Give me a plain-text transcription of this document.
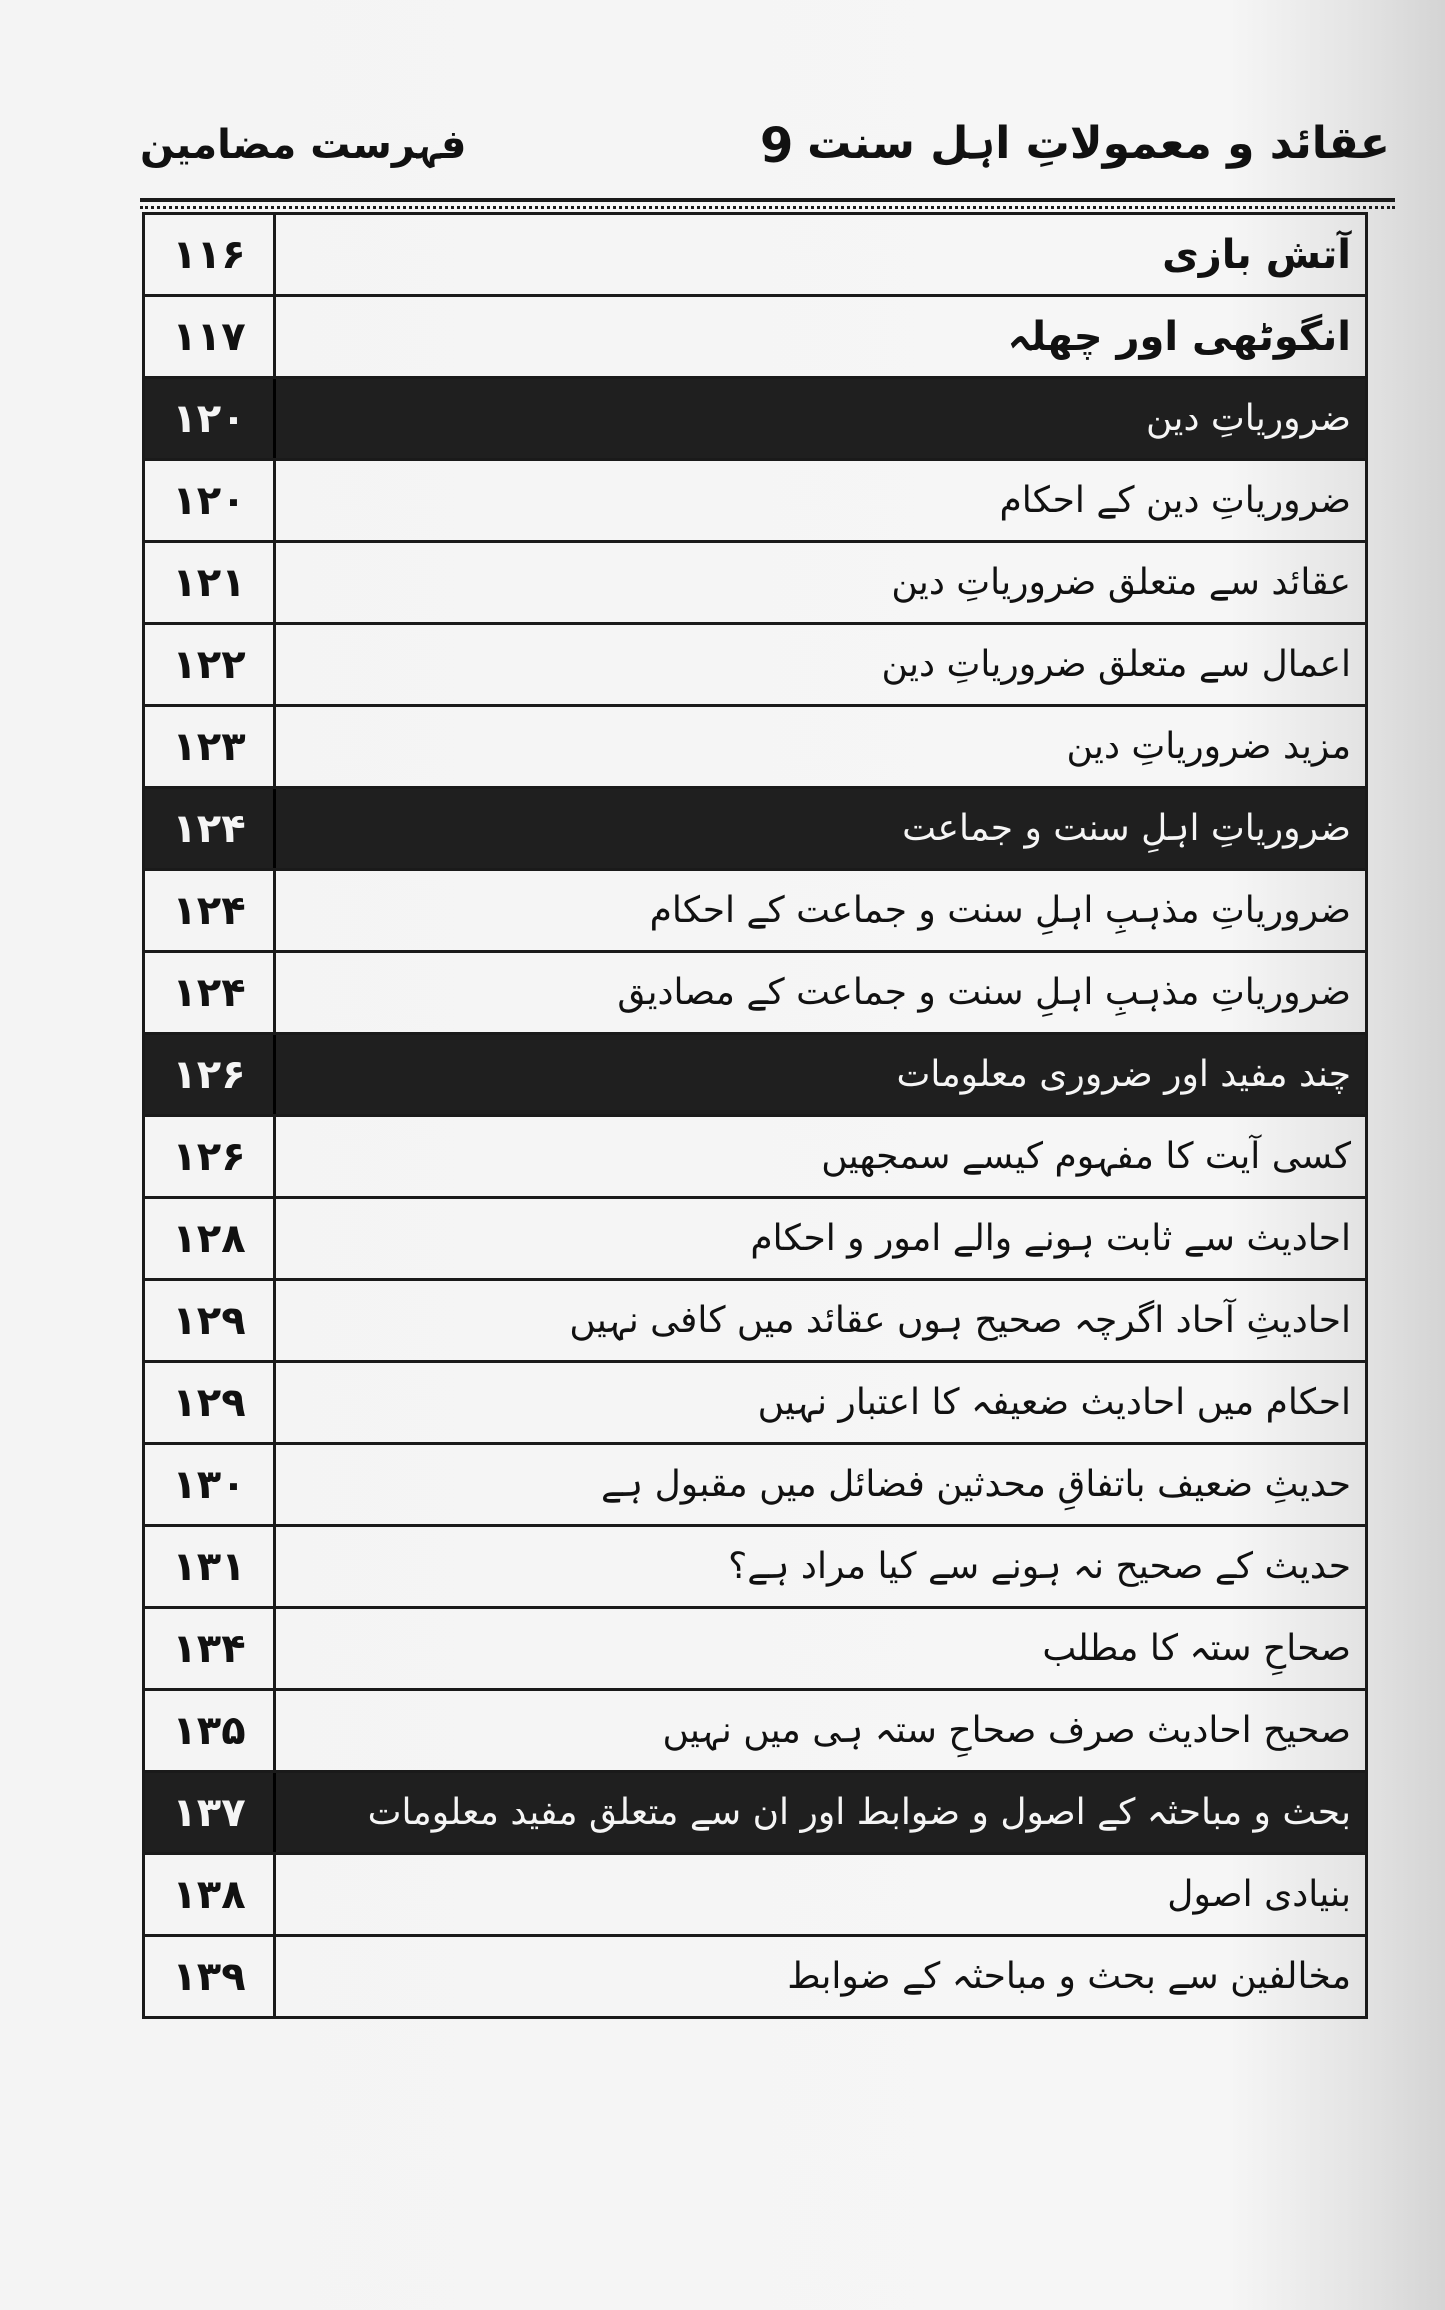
عقائد و معمولاتِ اہل سنت
9
فہرست مضامین
آتش بازی
۱۱۶
انگوٹھی اور چھلہ
۱۱۷
ضروریاتِ دین
۱۲۰
ضروریاتِ دین کے احکام
۱۲۰
عقائد سے متعلق ضروریاتِ دین
۱۲۱
اعمال سے متعلق ضروریاتِ دین
۱۲۲
مزید ضروریاتِ دین
۱۲۳
ضروریاتِ اہلِ سنت و جماعت
۱۲۴
ضروریاتِ مذہبِ اہلِ سنت و جماعت کے احکام
۱۲۴
ضروریاتِ مذہبِ اہلِ سنت و جماعت کے مصادیق
۱۲۴
چند مفید اور ضروری معلومات
۱۲۶
کسی آیت کا مفہوم کیسے سمجھیں
۱۲۶
احادیث سے ثابت ہونے والے امور و احکام
۱۲۸
احادیثِ آحاد اگرچہ صحیح ہوں عقائد میں کافی نہیں
۱۲۹
احکام میں احادیث ضعیفہ کا اعتبار نہیں
۱۲۹
حدیثِ ضعیف باتفاقِ محدثین فضائل میں مقبول ہے
۱۳۰
حدیث کے صحیح نہ ہونے سے کیا مراد ہے؟
۱۳۱
صحاحِ ستہ کا مطلب
۱۳۴
صحیح احادیث صرف صحاحِ ستہ ہی میں نہیں
۱۳۵
بحث و مباحثہ کے اصول و ضوابط اور ان سے متعلق مفید معلومات
۱۳۷
بنیادی اصول
۱۳۸
مخالفین سے بحث و مباحثہ کے ضوابط
۱۳۹
